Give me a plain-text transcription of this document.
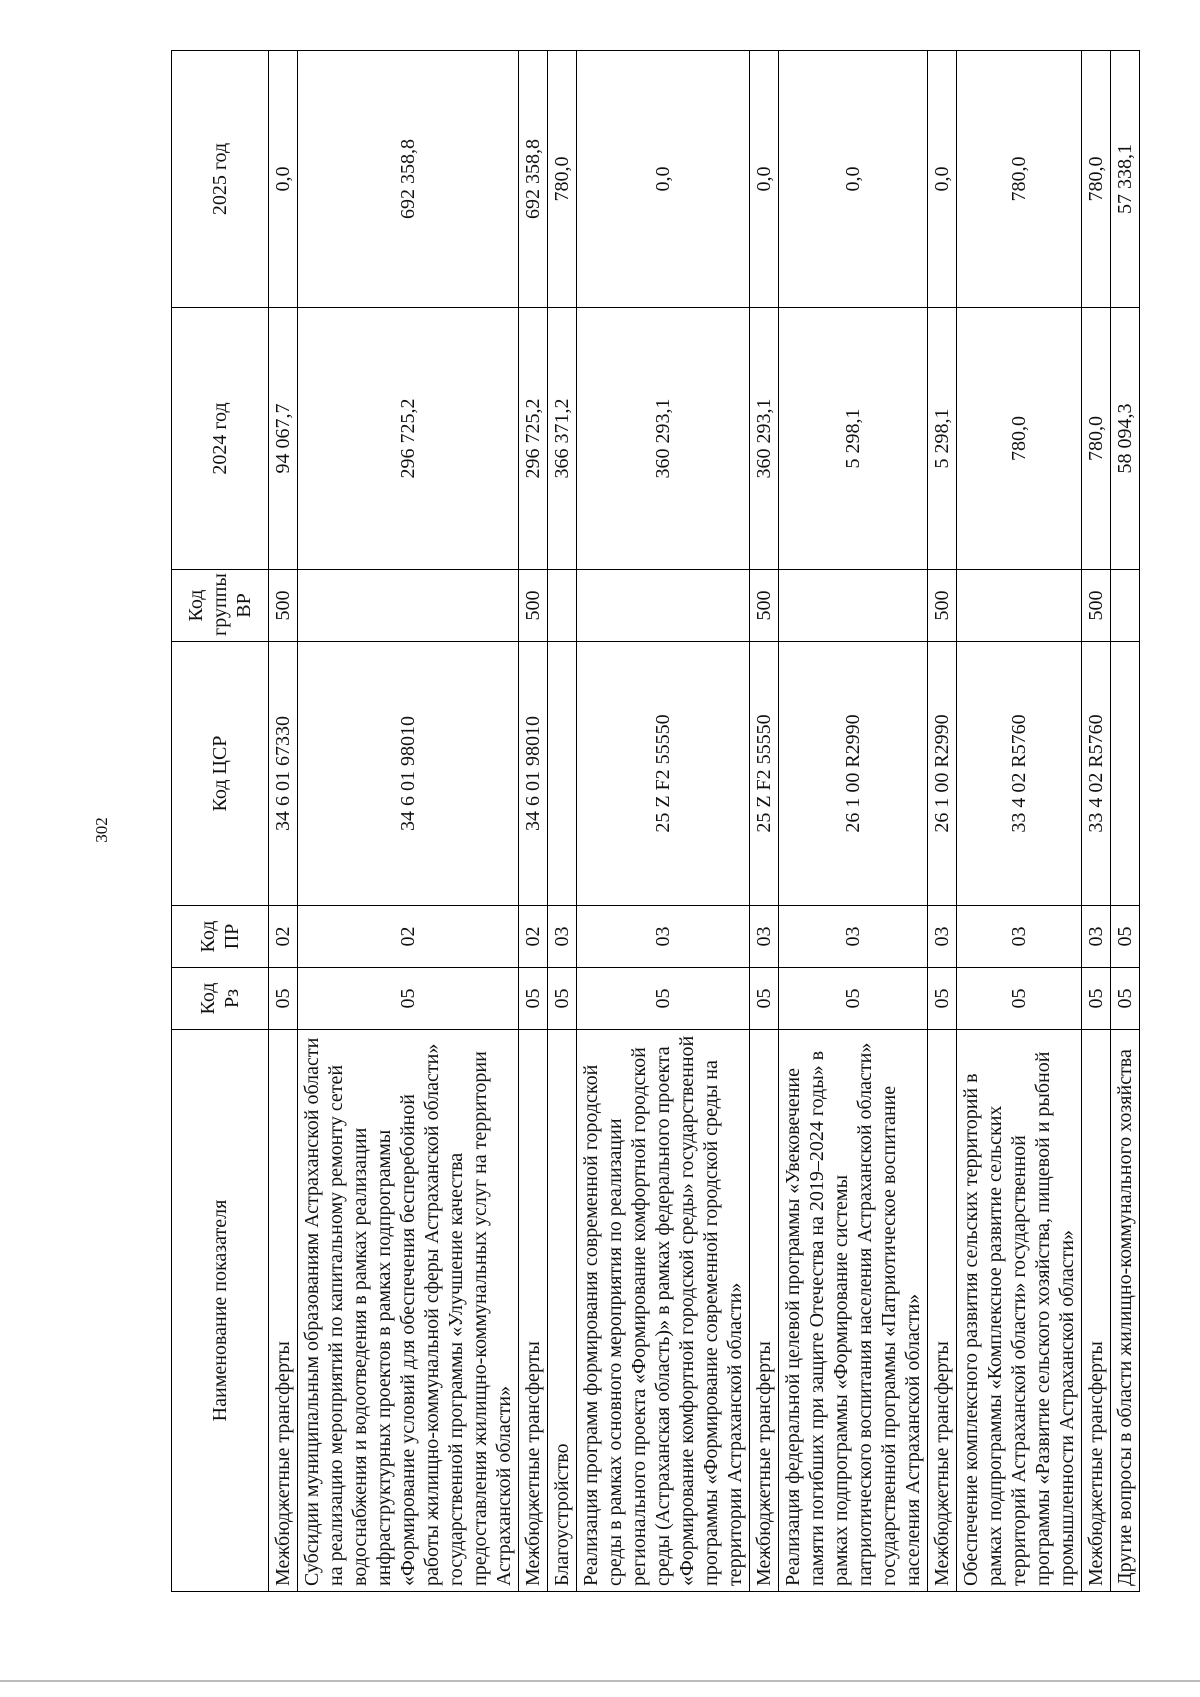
302
Наименование показателя	Код Рз	Код ПР	Код ЦСР	Код группы ВР	2024 год	2025 год
Межбюджетные трансферты	05	02	34 6 01 67330	500	94 067,7	0,0
Субсидии муниципальным образованиям Астраханской области на реализацию мероприятий по капитальному ремонту сетей водоснабжения и водоотведения в рамках реализации инфраструктурных проектов в рамках подпрограммы «Формирование условий для обеспечения бесперебойной работы жилищно-коммунальной сферы Астраханской области» государственной программы «Улучшение качества предоставления жилищно-коммунальных услуг на территории Астраханской области»	05	02	34 6 01 98010		296 725,2	692 358,8
Межбюджетные трансферты	05	02	34 6 01 98010	500	296 725,2	692 358,8
Благоустройство	05	03			366 371,2	780,0
Реализация программ формирования современной городской среды в рамках основного мероприятия по реализации регионального проекта «Формирование комфортной городской среды (Астраханская область)» в рамках федерального проекта «Формирование комфортной городской среды» государственной программы «Формирование современной городской среды на территории Астраханской области»	05	03	25 Z F2 55550		360 293,1	0,0
Межбюджетные трансферты	05	03	25 Z F2 55550	500	360 293,1	0,0
Реализация федеральной целевой программы «Увековечение памяти погибших при защите Отечества на 2019–2024 годы» в рамках подпрограммы «Формирование системы патриотического воспитания населения Астраханской области» государственной программы «Патриотическое воспитание населения Астраханской области»	05	03	26 1 00 R2990		5 298,1	0,0
Межбюджетные трансферты	05	03	26 1 00 R2990	500	5 298,1	0,0
Обеспечение комплексного развития сельских территорий в рамках подпрограммы «Комплексное развитие сельских территорий Астраханской области» государственной программы «Развитие сельского хозяйства, пищевой и рыбной промышленности Астраханской области»	05	03	33 4 02 R5760		780,0	780,0
Межбюджетные трансферты	05	03	33 4 02 R5760	500	780,0	780,0
Другие вопросы в области жилищно-коммунального хозяйства	05	05			58 094,3	57 338,1
